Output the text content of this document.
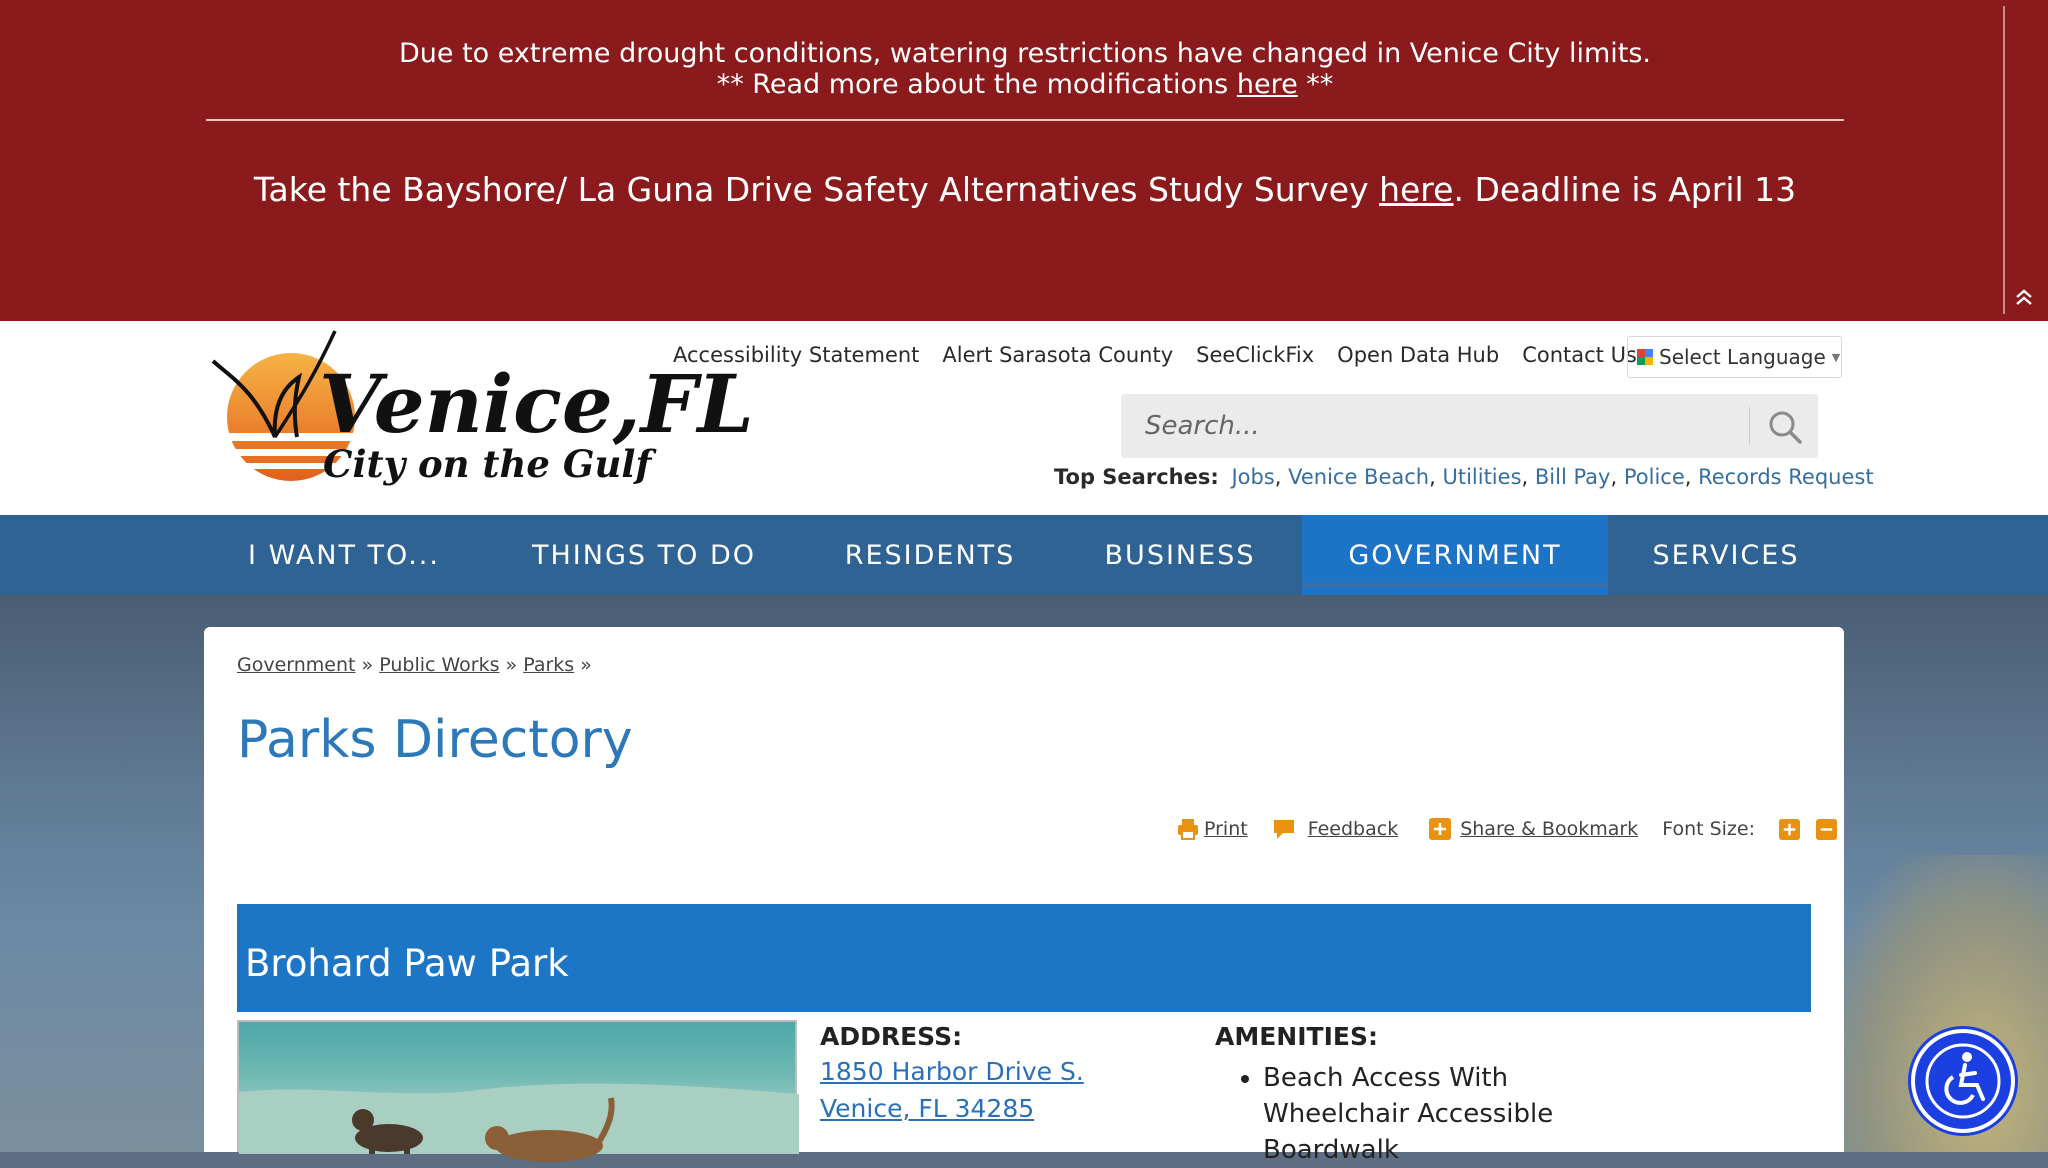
Due to extreme drought conditions, watering restrictions have changed in Venice City limits.
** Read more about the modifications here **
Take the Bayshore/ La Guna Drive Safety Alternatives Study Survey here. Deadline is April 13
Venice,FL
City on the Gulf
Accessibility Statement Alert Sarasota County SeeClickFix Open Data Hub Contact Us Select Language ▼
Search...
Top Searches: Jobs, Venice Beach, Utilities, Bill Pay, Police, Records Request
I WANT TO...	THINGS TO DO	RESIDENTS	BUSINESS	GOVERNMENT	SERVICES
Government » Public Works » Parks »
Parks Directory
Print	Feedback	Share & Bookmark Font Size:
Brohard Paw Park
ADDRESS:
1850 Harbor Drive S.
Venice, FL 34285
AMENITIES:
• Beach Access With Wheelchair Accessible Boardwalk
